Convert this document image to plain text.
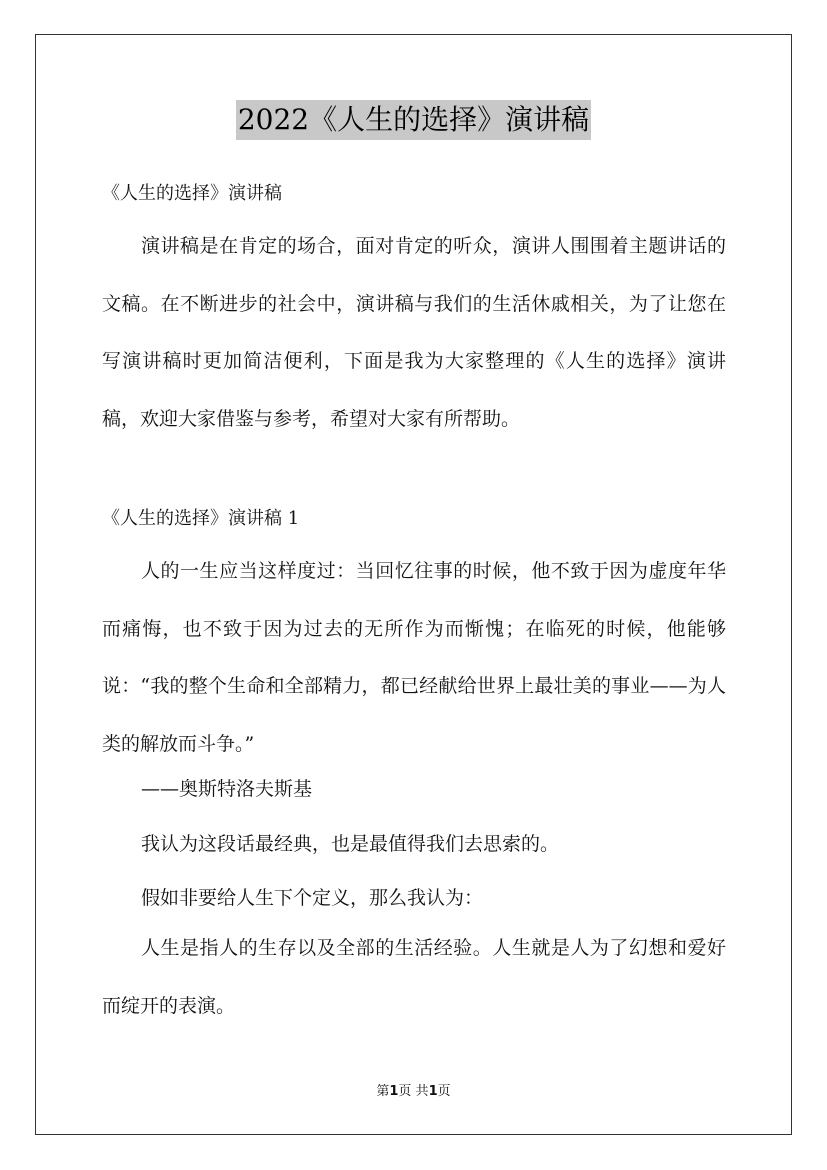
2022《人生的选择》演讲稿
《人生的选择》演讲稿

演讲稿是在肯定的场合，面对肯定的听众，演讲人围围着主题讲话的文稿。在不断进步的社会中，演讲稿与我们的生活休戚相关，为了让您在写演讲稿时更加简洁便利，下面是我为大家整理的《人生的选择》演讲稿，欢迎大家借鉴与参考，希望对大家有所帮助。

《人生的选择》演讲稿 1

人的一生应当这样度过：当回忆往事的时候，他不致于因为虚度年华而痛悔，也不致于因为过去的无所作为而惭愧；在临死的时候，他能够说：“我的整个生命和全部精力，都已经献给世界上最壮美的事业——为人类的解放而斗争。”

——奥斯特洛夫斯基

我认为这段话最经典，也是最值得我们去思索的。

假如非要给人生下个定义，那么我认为：

人生是指人的生存以及全部的生活经验。人生就是人为了幻想和爱好而绽开的表演。

第1页 共1页
